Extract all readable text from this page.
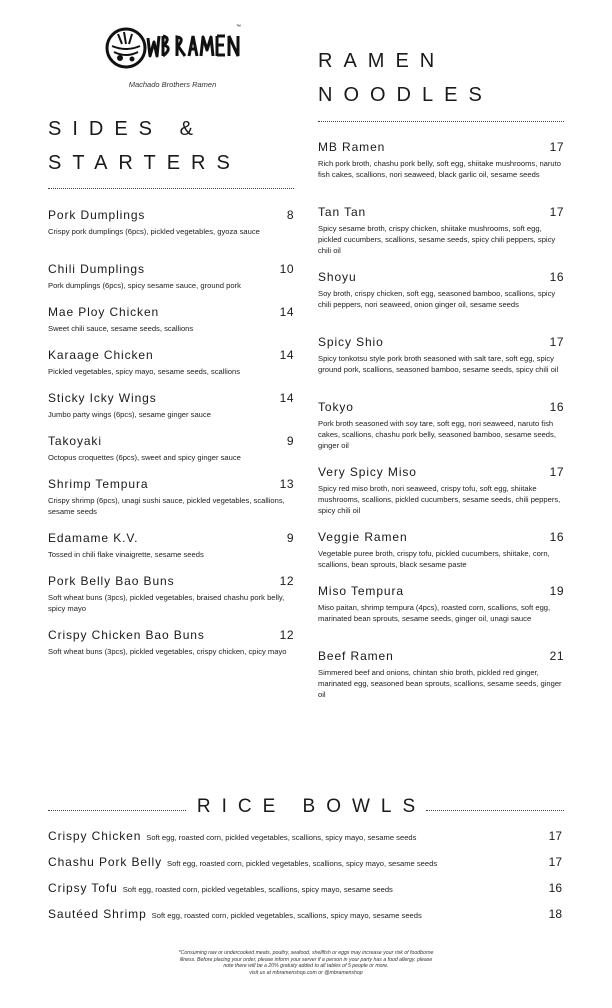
™
Machado Brothers Ramen
SIDES &
STARTERS
RAMEN
NOODLES
Pork Dumplings	8
Crispy pork dumplings (6pcs), pickled vegetables, gyoza sauce
Chili Dumplings	10
Pork dumplings (6pcs), spicy sesame sauce, ground pork
Mae Ploy Chicken	14
Sweet chili sauce, sesame seeds, scallions
Karaage Chicken	14
Pickled vegetables, spicy mayo, sesame seeds, scallions
Sticky Icky Wings	14
Jumbo party wings (6pcs), sesame ginger sauce
Takoyaki	9
Octopus croquettes (6pcs), sweet and spicy ginger sauce
Shrimp Tempura	13
Crispy shrimp (6pcs), unagi sushi sauce, pickled vegetables, scallions, sesame seeds
Edamame K.V.	9
Tossed in chili flake vinaigrette, sesame seeds
Pork Belly Bao Buns	12
Soft wheat buns (3pcs), pickled vegetables, braised chashu pork belly, spicy mayo
Crispy Chicken Bao Buns	12
Soft wheat buns (3pcs), pickled vegetables, crispy chicken, cpicy mayo
MB Ramen	17
Rich pork broth, chashu pork belly, soft egg, shiitake mushrooms, naruto fish cakes, scallions, nori seaweed, black garlic oil, sesame seeds
Tan Tan	17
Spicy sesame broth, crispy chicken, shiitake mushrooms, soft egg, pickled cucumbers, scallions, sesame seeds, spicy chili peppers, spicy chili oil
Shoyu	16
Soy broth, crispy chicken, soft egg, seasoned bamboo, scallions, spicy chili peppers, nori seaweed, onion ginger oil, sesame seeds
Spicy Shio	17
Spicy tonkotsu style pork broth seasoned with salt tare, soft egg, spicy ground pork, scallions, seasoned bamboo, sesame seeds, spicy chili oil
Tokyo	16
Pork broth seasoned with soy tare, soft egg, nori seaweed, naruto fish cakes, scallions, chashu pork belly, seasoned bamboo, sesame seeds, ginger oil
Very Spicy Miso	17
Spicy red miso broth, nori seaweed, crispy tofu, soft egg, shiitake mushrooms, scallions, pickled cucumbers, sesame seeds, chili peppers, spicy chili oil
Veggie Ramen	16
Vegetable puree broth, crispy tofu, pickled cucumbers, shiitake, corn, scallions, bean sprouts, black sesame paste
Miso Tempura	19
Miso paitan, shrimp tempura (4pcs), roasted corn, scallions, soft egg, marinated bean sprouts, sesame seeds, ginger oil, unagi sauce
Beef Ramen	21
Simmered beef and onions, chintan shio broth, pickled red ginger, marinated egg, seasoned bean sprouts, scallions, sesame seeds, ginger oil
RICE BOWLS
Crispy Chicken Soft egg, roasted corn, pickled vegetables, scallions, spicy mayo, sesame seeds	17
Chashu Pork Belly Soft egg, roasted corn, pickled vegetables, scallions, spicy mayo, sesame seeds	17
Cripsy Tofu Soft egg, roasted corn, pickled vegetables, scallions, spicy mayo, sesame seeds	16
Sautéed Shrimp Soft egg, roasted corn, pickled vegetables, scallions, spicy mayo, sesame seeds	18
*Consuming raw or undercooked meats, poultry, seafood, shellfish or eggs may increase your risk of foodborne
illness. Before placing your order, please inform your server if a person in your party has a food allergy. please
note there will be a 20% gratuity added to all tables of 5 people or more.
visit us at mbramenshop.com or @mbramenshop
